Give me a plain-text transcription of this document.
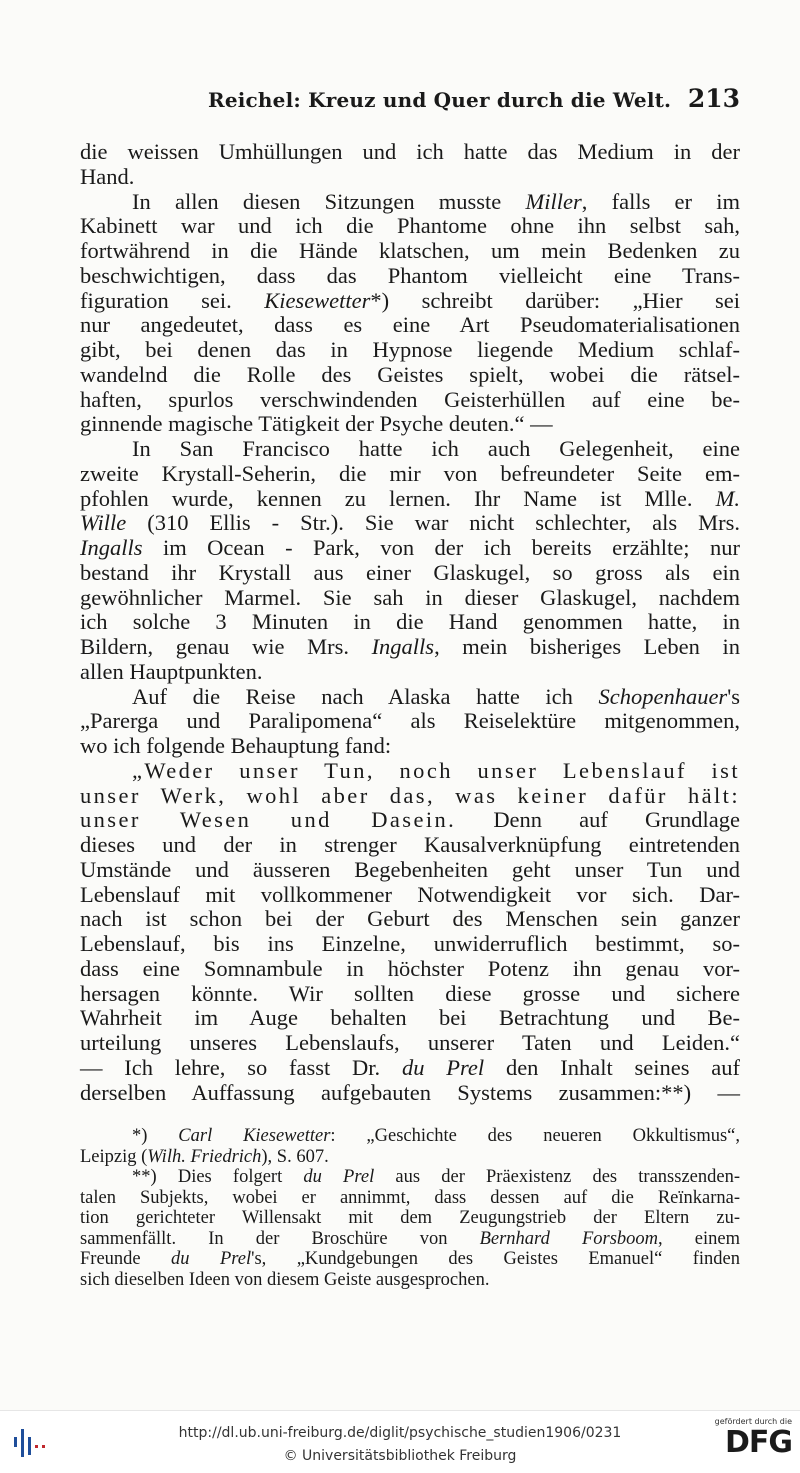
Reichel: Kreuz und Quer durch die Welt. 213
die weissen Umhüllungen und ich hatte das Medium in der
Hand.
In allen diesen Sitzungen musste Miller, falls er im
Kabinett war und ich die Phantome ohne ihn selbst sah,
fortwährend in die Hände klatschen, um mein Bedenken zu
beschwichtigen, dass das Phantom vielleicht eine Trans-
figuration sei. Kiesewetter*) schreibt darüber: „Hier sei
nur angedeutet, dass es eine Art Pseudomaterialisationen
gibt, bei denen das in Hypnose liegende Medium schlaf-
wandelnd die Rolle des Geistes spielt, wobei die rätsel-
haften, spurlos verschwindenden Geisterhüllen auf eine be-
ginnende magische Tätigkeit der Psyche deuten.“ —
In San Francisco hatte ich auch Gelegenheit, eine
zweite Krystall-Seherin, die mir von befreundeter Seite em-
pfohlen wurde, kennen zu lernen. Ihr Name ist Mlle. M.
Wille (310 Ellis - Str.). Sie war nicht schlechter, als Mrs.
Ingalls im Ocean - Park, von der ich bereits erzählte; nur
bestand ihr Krystall aus einer Glaskugel, so gross als ein
gewöhnlicher Marmel. Sie sah in dieser Glaskugel, nachdem
ich solche 3 Minuten in die Hand genommen hatte, in
Bildern, genau wie Mrs. Ingalls, mein bisheriges Leben in
allen Hauptpunkten.
Auf die Reise nach Alaska hatte ich Schopenhauer's
„Parerga und Paralipomena“ als Reiselektüre mitgenommen,
wo ich folgende Behauptung fand:
„Weder unser Tun, noch unser Lebenslauf ist
unser Werk, wohl aber das, was keiner dafür hält:
unser Wesen und Dasein. Denn auf Grundlage
dieses und der in strenger Kausalverknüpfung eintretenden
Umstände und äusseren Begebenheiten geht unser Tun und
Lebenslauf mit vollkommener Notwendigkeit vor sich. Dar-
nach ist schon bei der Geburt des Menschen sein ganzer
Lebenslauf, bis ins Einzelne, unwiderruflich bestimmt, so-
dass eine Somnambule in höchster Potenz ihn genau vor-
hersagen könnte. Wir sollten diese grosse und sichere
Wahrheit im Auge behalten bei Betrachtung und Be-
urteilung unseres Lebenslaufs, unserer Taten und Leiden.“
— Ich lehre, so fasst Dr. du Prel den Inhalt seines auf
derselben Auffassung aufgebauten Systems zusammen:**) —
*) Carl Kiesewetter: „Geschichte des neueren Okkultismus“,
Leipzig (Wilh. Friedrich), S. 607.
**) Dies folgert du Prel aus der Präexistenz des transszenden-
talen Subjekts, wobei er annimmt, dass dessen auf die Reïnkarna-
tion gerichteter Willensakt mit dem Zeugungstrieb der Eltern zu-
sammenfällt. In der Broschüre von Bernhard Forsboom, einem
Freunde du Prel's, „Kundgebungen des Geistes Emanuel“ finden
sich dieselben Ideen von diesem Geiste ausgesprochen.
http://dl.ub.uni-freiburg.de/diglit/psychische_studien1906/0231
© Universitätsbibliothek Freiburg
gefördert durch die
DFG
